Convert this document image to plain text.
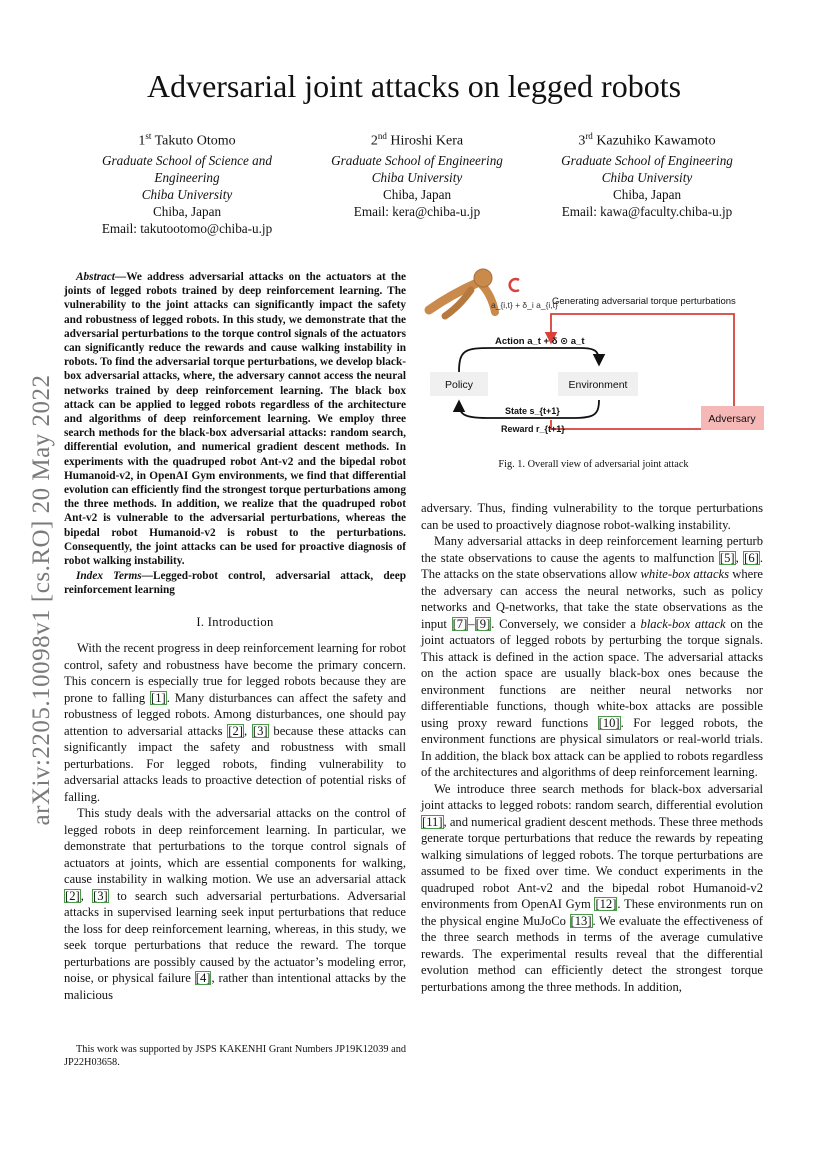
arXiv:2205.10098v1 [cs.RO] 20 May 2022
Adversarial joint attacks on legged robots
1st Takuto Otomo
Graduate School of Science and Engineering
Chiba University
Chiba, Japan
Email: takutootomo@chiba-u.jp
2nd Hiroshi Kera
Graduate School of Engineering
Chiba University
Chiba, Japan
Email: kera@chiba-u.jp
3rd Kazuhiko Kawamoto
Graduate School of Engineering
Chiba University
Chiba, Japan
Email: kawa@faculty.chiba-u.jp
Abstract—We address adversarial attacks on the actuators at the joints of legged robots trained by deep reinforcement learning. The vulnerability to the joint attacks can significantly impact the safety and robustness of legged robots. In this study, we demonstrate that the adversarial perturbations to the torque control signals of the actuators can significantly reduce the rewards and cause walking instability in robots. To find the adversarial torque perturbations, we develop black-box adversarial attacks, where, the adversary cannot access the neural networks trained by deep reinforcement learning. The black box attack can be applied to legged robots regardless of the architecture and algorithms of deep reinforcement learning. We employ three search methods for the black-box adversarial attacks: random search, differential evolution, and numerical gradient descent methods. In experiments with the quadruped robot Ant-v2 and the bipedal robot Humanoid-v2, in OpenAI Gym environments, we find that differential evolution can efficiently find the strongest torque perturbations among the three methods. In addition, we realize that the quadruped robot Ant-v2 is vulnerable to the adversarial perturbations, whereas the bipedal robot Humanoid-v2 is robust to the perturbations. Consequently, the joint attacks can be used for proactive diagnosis of robot walking instability.
Index Terms—Legged-robot control, adversarial attack, deep reinforcement learning
I. Introduction

With the recent progress in deep reinforcement learning for robot control, safety and robustness have become the primary concern. This concern is especially true for legged robots because they are prone to falling [1]. Many disturbances can affect the safety and robustness of legged robots. Among disturbances, one should pay attention to adversarial attacks [2], [3] because these attacks can significantly impact the safety and robustness with small perturbations. For legged robots, finding vulnerability to adversarial attacks leads to proactive detection of potential risks of falling.

This study deals with the adversarial attacks on the control of legged robots in deep reinforcement learning. In particular, we demonstrate that perturbations to the torque control signals of actuators at joints, which are essential components for walking, cause instability in walking motion. We use an adversarial attack [2], [3] to search such adversarial perturbations. Adversarial attacks in supervised learning seek input perturbations that reduce the loss for deep reinforcement learning, whereas, in this study, we seek torque perturbations that reduce the reward. The torque perturbations are possibly caused by the actuator’s modeling error, noise, or physical failure [4], rather than intentional attacks by the malicious

This work was supported by JSPS KAKENHI Grant Numbers JP19K12039 and JP22H03658.
a_{i,t} + δ_i a_{i,t}
Generating adversarial torque perturbations
Action a_t + δ ⊙ a_t
Policy	Environment
State s_{t+1}
Reward r_{t+1}
Adversary
Fig. 1. Overall view of adversarial joint attack

adversary. Thus, finding vulnerability to the torque perturbations can be used to proactively diagnose robot-walking instability.

Many adversarial attacks in deep reinforcement learning perturb the state observations to cause the agents to malfunction [5], [6]. The attacks on the state observations allow white-box attacks where the adversary can access the neural networks, such as policy networks and Q-networks, that take the state observations as the input [7]–[9]. Conversely, we consider a black-box attack on the joint actuators of legged robots by perturbing the torque signals. This attack is defined in the action space. The adversarial attacks on the action space are usually black-box ones because the environment functions are neither neural networks nor differentiable functions, though white-box attacks are possible using proxy reward functions [10]. For legged robots, the environment functions are physical simulators or real-world trials. In addition, the black box attack can be applied to robots regardless of the architectures and algorithms of deep reinforcement learning.

We introduce three search methods for black-box adversarial joint attacks to legged robots: random search, differential evolution [11], and numerical gradient descent methods. These three methods generate torque perturbations that reduce the rewards by repeating walking simulations of legged robots. The torque perturbations are assumed to be fixed over time. We conduct experiments in the quadruped robot Ant-v2 and the bipedal robot Humanoid-v2 environments from OpenAI Gym [12]. These environments run on the physical engine MuJoCo [13]. We evaluate the effectiveness of the three search methods in terms of the average cumulative rewards. The experimental results reveal that the differential evolution method can efficiently detect the strongest torque perturbations among the three methods. In addition,
